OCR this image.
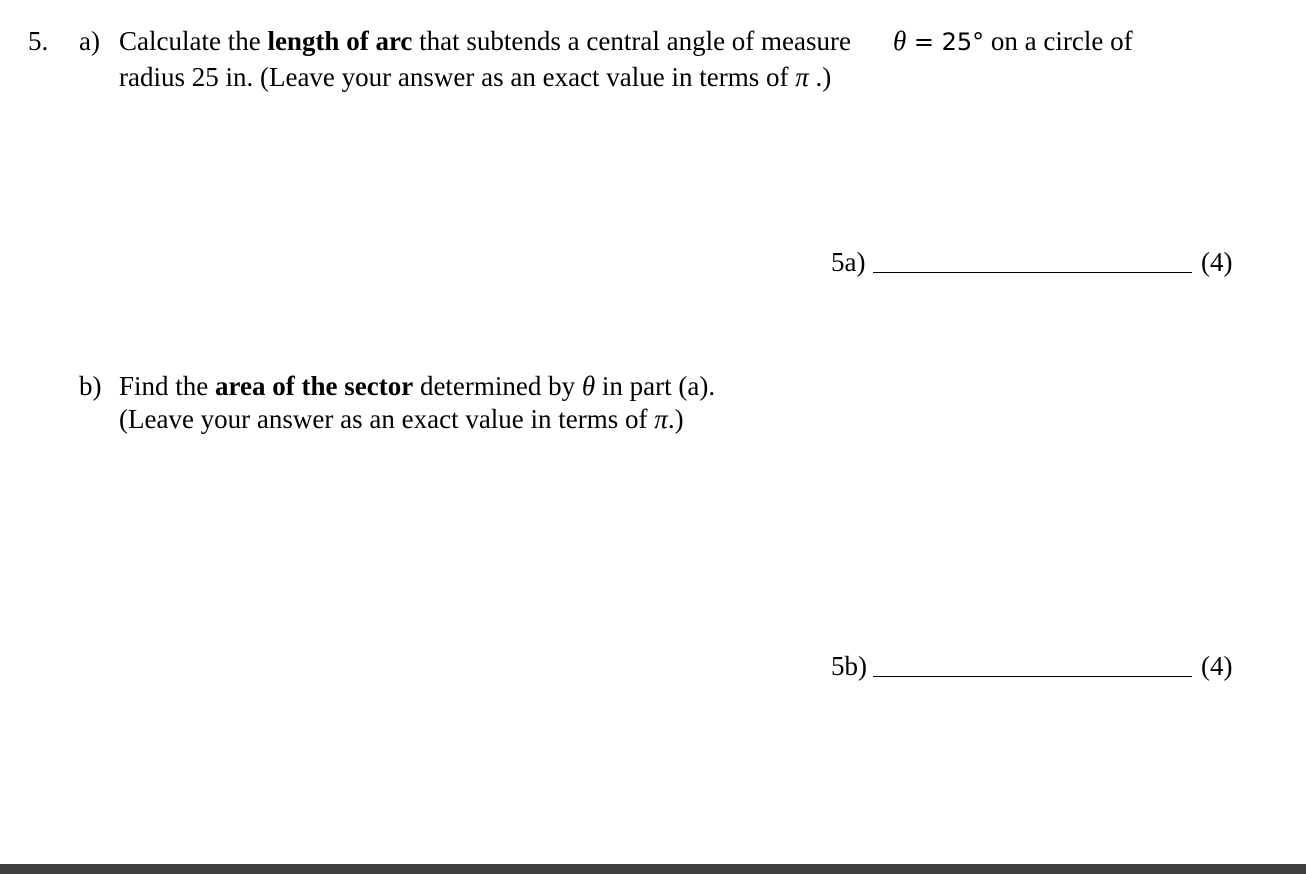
5. a) Calculate the length of arc that subtends a central angle of measure θ = 25° on a circle of
radius 25 in. (Leave your answer as an exact value in terms of π .)
5a)	(4)
b) Find the area of the sector determined by θ in part (a).
(Leave your answer as an exact value in terms of π.)
5b)	(4)
